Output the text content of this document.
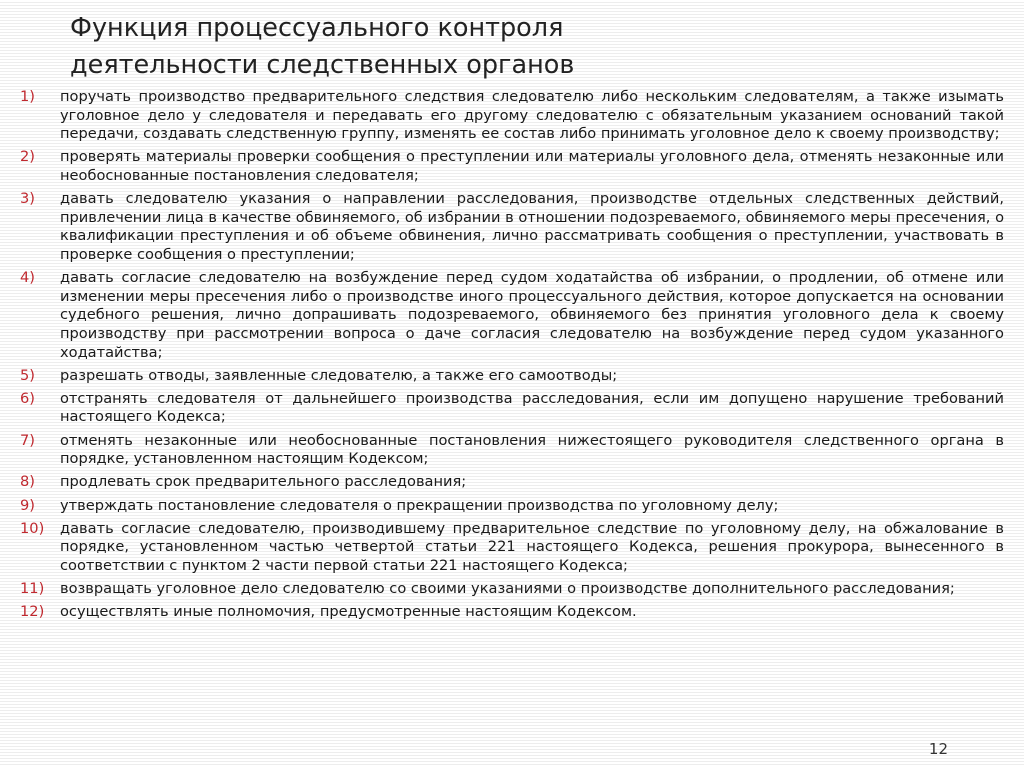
Функция процессуального контроля
деятельности следственных органов
1)	поручать производство предварительного следствия следователю либо нескольким следователям, а также изымать уголовное дело у следователя и передавать его другому следователю с обязательным указанием оснований такой передачи, создавать следственную группу, изменять ее состав либо принимать уголовное дело к своему производству;

2)	проверять материалы проверки сообщения о преступлении или материалы уголовного дела, отменять незаконные или необоснованные постановления следователя;

3)	давать следователю указания о направлении расследования, производстве отдельных следственных действий, привлечении лица в качестве обвиняемого, об избрании в отношении подозреваемого, обвиняемого меры пресечения, о квалификации преступления и об объеме обвинения, лично рассматривать сообщения о преступлении, участвовать в проверке сообщения о преступлении;

4)	давать согласие следователю на возбуждение перед судом ходатайства об избрании, о продлении, об отмене или изменении меры пресечения либо о производстве иного процессуального действия, которое допускается на основании судебного решения, лично допрашивать подозреваемого, обвиняемого без принятия уголовного дела к своему производству при рассмотрении вопроса о даче согласия следователю на возбуждение перед судом указанного ходатайства;

5)	разрешать отводы, заявленные следователю, а также его самоотводы;

6)	отстранять следователя от дальнейшего производства расследования, если им допущено нарушение требований настоящего Кодекса;

7)	отменять незаконные или необоснованные постановления нижестоящего руководителя следственного органа в порядке, установленном настоящим Кодексом;

8)	продлевать срок предварительного расследования;

9)	утверждать постановление следователя о прекращении производства по уголовному делу;

10)	давать согласие следователю, производившему предварительное следствие по уголовному делу, на обжалование в порядке, установленном частью четвертой статьи 221 настоящего Кодекса, решения прокурора, вынесенного в соответствии с пунктом 2 части первой статьи 221 настоящего Кодекса;

11)	возвращать уголовное дело следователю со своими указаниями о производстве дополнительного расследования;

12)	осуществлять иные полномочия, предусмотренные настоящим Кодексом.

12
